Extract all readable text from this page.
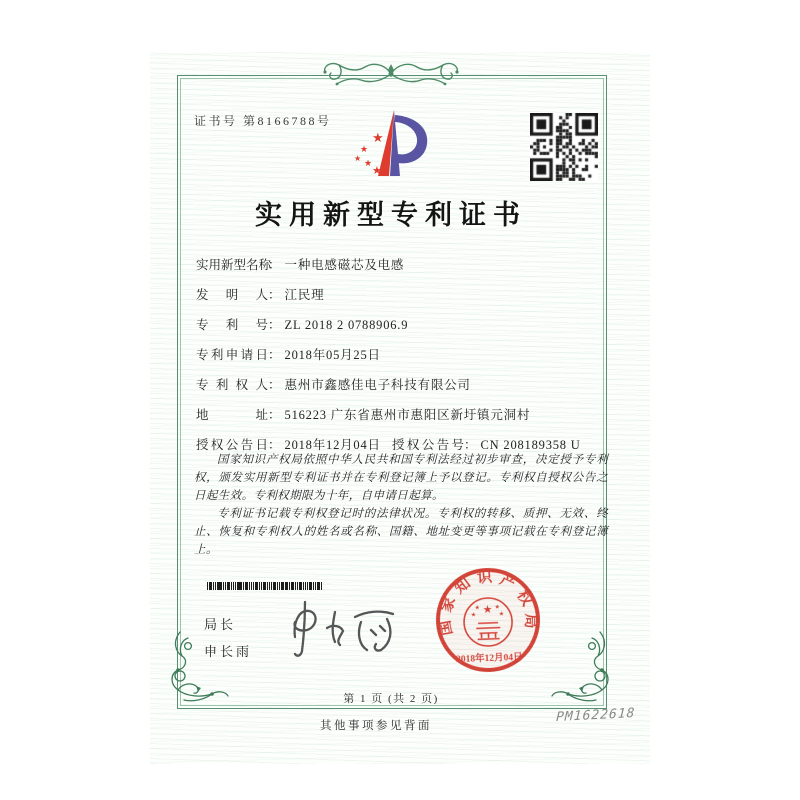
证书号 第8166788号
★
★
★
★ ★
实用新型专利证书
实用新型名称： 一种电感磁芯及电感
发明人： 江民理
专利号： ZL 2018 2 0788906.9
专利申请日： 2018年05月25日
专利权人： 惠州市鑫感佳电子科技有限公司
地址： 516223 广东省惠州市惠阳区新圩镇元洞村
授权公告日： 2018年12月04日 授权公告号： CN 208189358 U

国家知识产权局依照中华人民共和国专利法经过初步审查，决定授予专利权，颁发实用新型专利证书并在专利登记簿上予以登记。专利权自授权公告之日起生效。专利权期限为十年，自申请日起算。

专利证书记载专利权登记时的法律状况。专利权的转移、质押、无效、终止、恢复和专利权人的姓名或名称、国籍、地址变更等事项记载在专利登记簿上。

局长
申长雨
国家知识产权局
★
★ ★
★	★
2018年12月04日
第 1 页 (共 2 页)
其他事项参见背面
PM1622618
